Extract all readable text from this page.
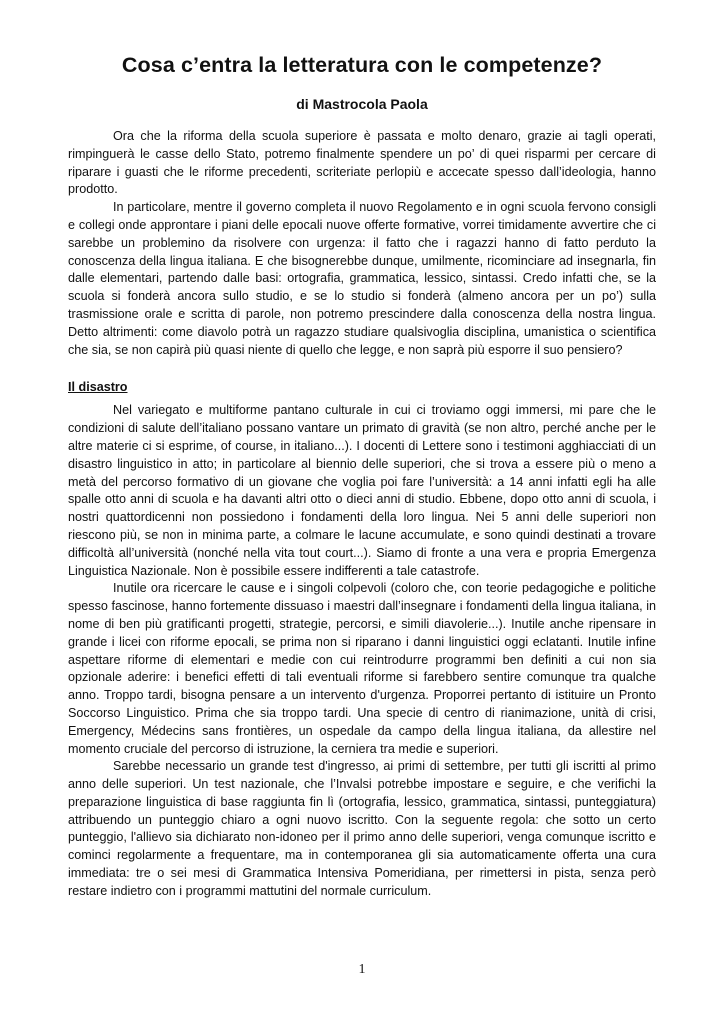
Cosa c’entra la letteratura con le competenze?
di Mastrocola Paola

Ora che la riforma della scuola superiore è passata e molto denaro, grazie ai tagli operati, rimpinguerà le casse dello Stato, potremo finalmente spendere un po’ di quei risparmi per cercare di riparare i guasti che le riforme precedenti, scriteriate perlopiù e accecate spesso dall’ideologia, hanno prodotto.

In particolare, mentre il governo completa il nuovo Regolamento e in ogni scuola fervono consigli e collegi onde approntare i piani delle epocali nuove offerte formative, vorrei timidamente avvertire che ci sarebbe un problemino da risolvere con urgenza: il fatto che i ragazzi hanno di fatto perduto la conoscenza della lingua italiana. E che bisognerebbe dunque, umilmente, ricominciare ad insegnarla, fin dalle elementari, partendo dalle basi: ortografia, grammatica, lessico, sintassi. Credo infatti che, se la scuola si fonderà ancora sullo studio, e se lo studio si fonderà (almeno ancora per un po’) sulla trasmissione orale e scritta di parole, non potremo prescindere dalla conoscenza della nostra lingua. Detto altrimenti: come diavolo potrà un ragazzo studiare qualsivoglia disciplina, umanistica o scientifica che sia, se non capirà più quasi niente di quello che legge, e non saprà più esporre il suo pensiero?

Il disastro

Nel variegato e multiforme pantano culturale in cui ci troviamo oggi immersi, mi pare che le condizioni di salute dell’italiano possano vantare un primato di gravità (se non altro, perché anche per le altre materie ci si esprime, of course, in italiano...). I docenti di Lettere sono i testimoni agghiacciati di un disastro linguistico in atto; in particolare al biennio delle superiori, che si trova a essere più o meno a metà del percorso formativo di un giovane che voglia poi fare l’università: a 14 anni infatti egli ha alle spalle otto anni di scuola e ha davanti altri otto o dieci anni di studio. Ebbene, dopo otto anni di scuola, i nostri quattordicenni non possiedono i fondamenti della loro lingua. Nei 5 anni delle superiori non riescono più, se non in minima parte, a colmare le lacune accumulate, e sono quindi destinati a trovare difficoltà all’università (nonché nella vita tout court...). Siamo di fronte a una vera e propria Emergenza Linguistica Nazionale. Non è possibile essere indifferenti a tale catastrofe.

Inutile ora ricercare le cause e i singoli colpevoli (coloro che, con teorie pedagogiche e politiche spesso fascinose, hanno fortemente dissuaso i maestri dall’insegnare i fondamenti della lingua italiana, in nome di ben più gratificanti progetti, strategie, percorsi, e simili diavolerie...). Inutile anche ripensare in grande i licei con riforme epocali, se prima non si riparano i danni linguistici oggi eclatanti. Inutile infine aspettare riforme di elementari e medie con cui reintrodurre programmi ben definiti a cui non sia opzionale aderire: i benefici effetti di tali eventuali riforme si farebbero sentire comunque tra qualche anno. Troppo tardi, bisogna pensare a un intervento d'urgenza. Proporrei pertanto di istituire un Pronto Soccorso Linguistico. Prima che sia troppo tardi. Una specie di centro di rianimazione, unità di crisi, Emergency, Médecins sans frontières, un ospedale da campo della lingua italiana, da allestire nel momento cruciale del percorso di istruzione, la cerniera tra medie e superiori.

Sarebbe necessario un grande test d'ingresso, ai primi di settembre, per tutti gli iscritti al primo anno delle superiori. Un test nazionale, che l’Invalsi potrebbe impostare e seguire, e che verifichi la preparazione linguistica di base raggiunta fin lì (ortografia, lessico, grammatica, sintassi, punteggiatura) attribuendo un punteggio chiaro a ogni nuovo iscritto. Con la seguente regola: che sotto un certo punteggio, l'allievo sia dichiarato non-idoneo per il primo anno delle superiori, venga comunque iscritto e cominci regolarmente a frequentare, ma in contemporanea gli sia automaticamente offerta una cura immediata: tre o sei mesi di Grammatica Intensiva Pomeridiana, per rimettersi in pista, senza però restare indietro con i programmi mattutini del normale curriculum.

1
